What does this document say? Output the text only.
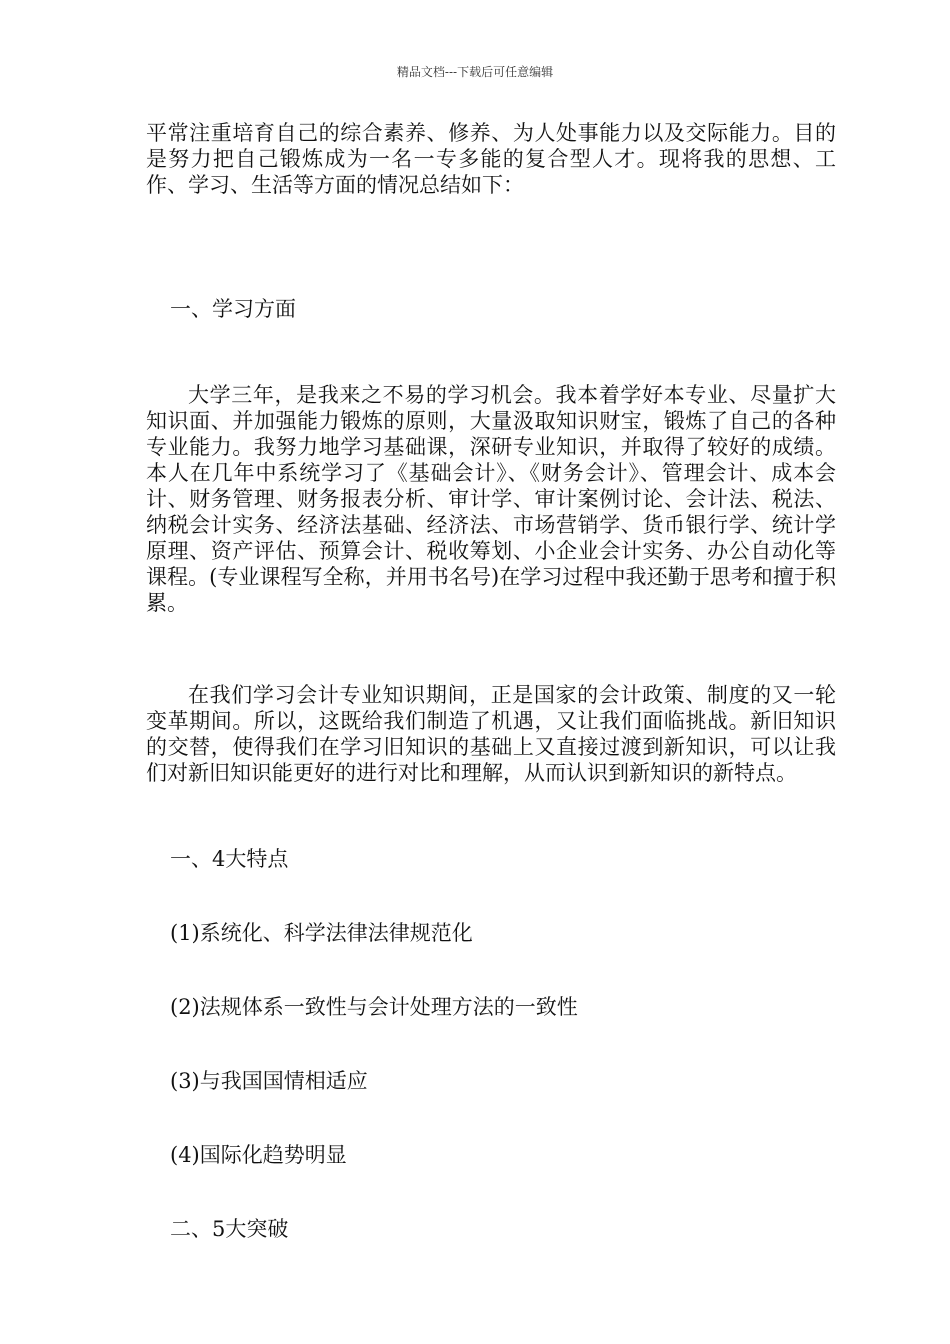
精品文档---下载后可任意编辑

平常注重培育自己的综合素养、修养、为人处事能力以及交际能力。目的是努力把自己锻炼成为一名一专多能的复合型人才。现将我的思想、工作、学习、生活等方面的情况总结如下：

一、学习方面

大学三年，是我来之不易的学习机会。我本着学好本专业、尽量扩大知识面、并加强能力锻炼的原则，大量汲取知识财宝，锻炼了自己的各种专业能力。我努力地学习基础课，深研专业知识，并取得了较好的成绩。本人在几年中系统学习了《基础会计》、《财务会计》、管理会计、成本会计、财务管理、财务报表分析、审计学、审计案例讨论、会计法、税法、纳税会计实务、经济法基础、经济法、市场营销学、货币银行学、统计学原理、资产评估、预算会计、税收筹划、小企业会计实务、办公自动化等课程。(专业课程写全称，并用书名号)在学习过程中我还勤于思考和擅于积累。

在我们学习会计专业知识期间，正是国家的会计政策、制度的又一轮变革期间。所以，这既给我们制造了机遇，又让我们面临挑战。新旧知识的交替，使得我们在学习旧知识的基础上又直接过渡到新知识，可以让我们对新旧知识能更好的进行对比和理解，从而认识到新知识的新特点。

一、4大特点

(1)系统化、科学法律法律规范化

(2)法规体系一致性与会计处理方法的一致性

(3)与我国国情相适应

(4)国际化趋势明显

二、5大突破
